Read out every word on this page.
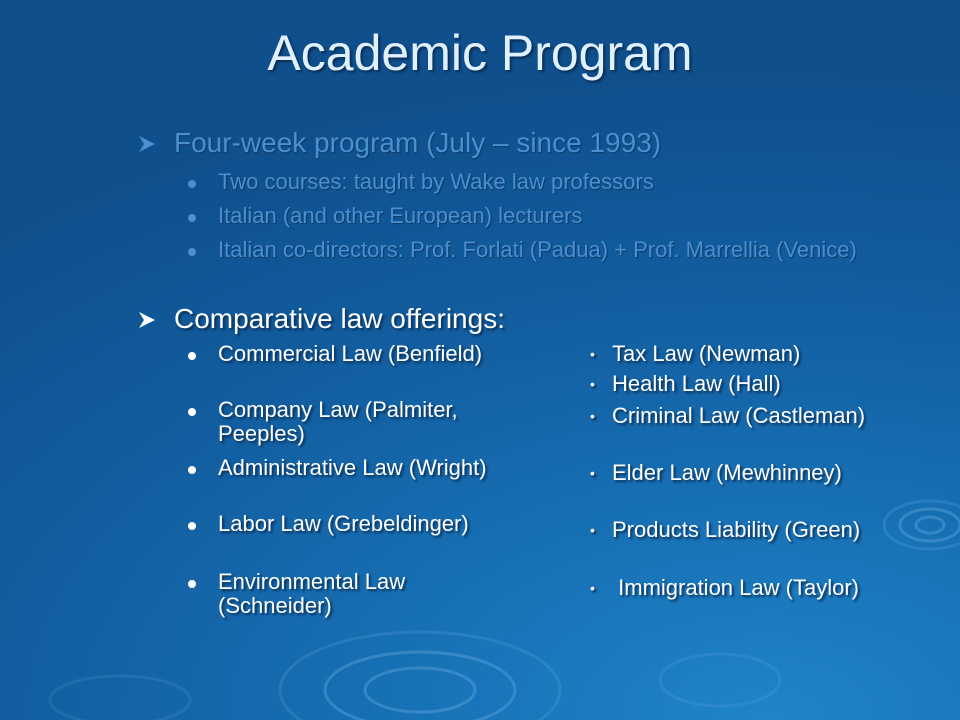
Academic Program
Four-week program (July – since 1993)
Two courses: taught by Wake law professors
Italian (and other European) lecturers
Italian co-directors: Prof. Forlati (Padua) + Prof. Marrellia (Venice)
Comparative law offerings:
Commercial Law (Benfield)
Company Law (Palmiter, Peeples)
Administrative Law (Wright)
Labor Law (Grebeldinger)
Environmental Law (Schneider)
• Tax Law (Newman)
• Health Law (Hall)
• Criminal Law (Castleman)
• Elder Law (Mewhinney)
• Products Liability (Green)
• Immigration Law (Taylor)
